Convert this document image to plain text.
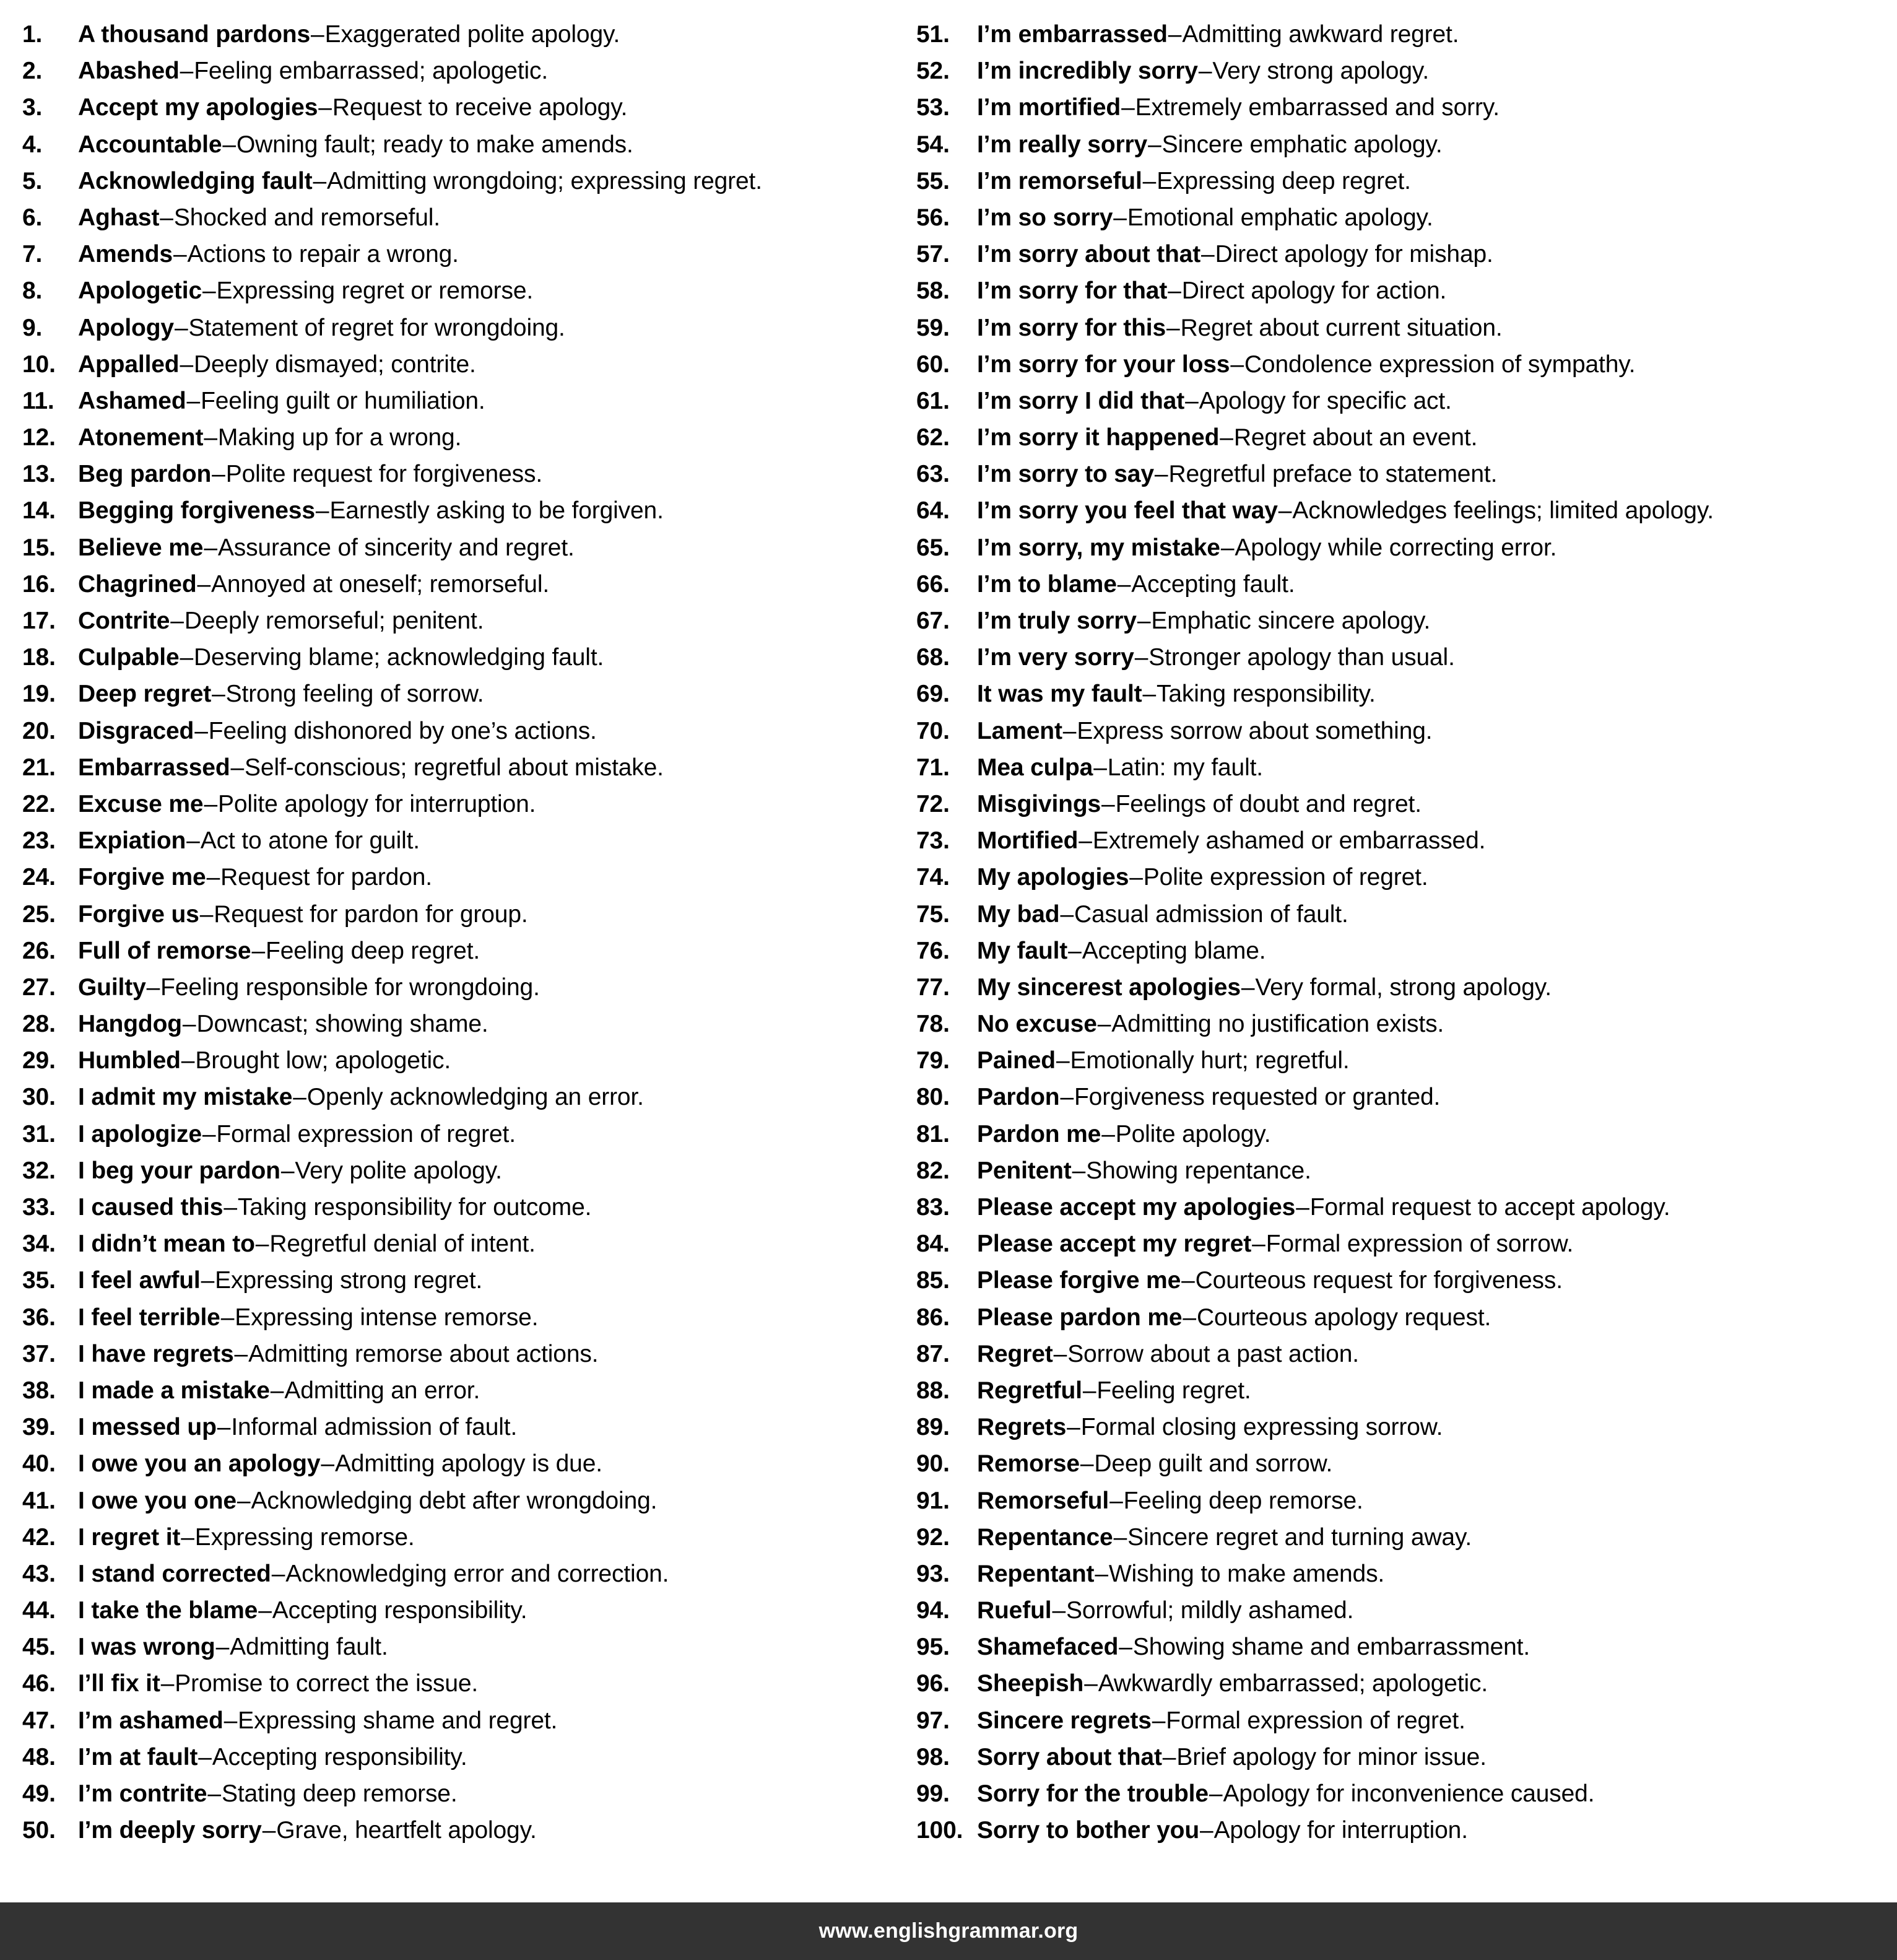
1.	A thousand pardons – Exaggerated polite apology.
2.	Abashed – Feeling embarrassed; apologetic.
3.	Accept my apologies – Request to receive apology.
4.	Accountable – Owning fault; ready to make amends.
5.	Acknowledging fault – Admitting wrongdoing; expressing regret.
6.	Aghast – Shocked and remorseful.
7.	Amends – Actions to repair a wrong.
8.	Apologetic – Expressing regret or remorse.
9.	Apology – Statement of regret for wrongdoing.
10. Appalled – Deeply dismayed; contrite.
11. Ashamed – Feeling guilt or humiliation.
12. Atonement – Making up for a wrong.
13. Beg pardon – Polite request for forgiveness.
14. Begging forgiveness – Earnestly asking to be forgiven.
15. Believe me – Assurance of sincerity and regret.
16. Chagrined – Annoyed at oneself; remorseful.
17. Contrite – Deeply remorseful; penitent.
18. Culpable – Deserving blame; acknowledging fault.
19. Deep regret – Strong feeling of sorrow.
20. Disgraced – Feeling dishonored by one’s actions.
21. Embarrassed – Self-conscious; regretful about mistake.
22. Excuse me – Polite apology for interruption.
23. Expiation – Act to atone for guilt.
24. Forgive me – Request for pardon.
25. Forgive us – Request for pardon for group.
26. Full of remorse – Feeling deep regret.
27. Guilty – Feeling responsible for wrongdoing.
28. Hangdog – Downcast; showing shame.
29. Humbled – Brought low; apologetic.
30. I admit my mistake – Openly acknowledging an error.
31. I apologize – Formal expression of regret.
32. I beg your pardon – Very polite apology.
33. I caused this – Taking responsibility for outcome.
34. I didn’t mean to – Regretful denial of intent.
35. I feel awful – Expressing strong regret.
36. I feel terrible – Expressing intense remorse.
37. I have regrets – Admitting remorse about actions.
38. I made a mistake – Admitting an error.
39. I messed up – Informal admission of fault.
40. I owe you an apology – Admitting apology is due.
41. I owe you one – Acknowledging debt after wrongdoing.
42. I regret it – Expressing remorse.
43. I stand corrected – Acknowledging error and correction.
44. I take the blame – Accepting responsibility.
45. I was wrong – Admitting fault.
46. I’ll fix it – Promise to correct the issue.
47. I’m ashamed – Expressing shame and regret.
48. I’m at fault – Accepting responsibility.
49. I’m contrite – Stating deep remorse.
50. I’m deeply sorry – Grave, heartfelt apology.
51.	I’m embarrassed – Admitting awkward regret.
52.	I’m incredibly sorry – Very strong apology.
53.	I’m mortified – Extremely embarrassed and sorry.
54.	I’m really sorry – Sincere emphatic apology.
55.	I’m remorseful – Expressing deep regret.
56.	I’m so sorry – Emotional emphatic apology.
57.	I’m sorry about that – Direct apology for mishap.
58.	I’m sorry for that – Direct apology for action.
59.	I’m sorry for this – Regret about current situation.
60.	I’m sorry for your loss – Condolence expression of sympathy.
61.	I’m sorry I did that – Apology for specific act.
62.	I’m sorry it happened – Regret about an event.
63.	I’m sorry to say – Regretful preface to statement.
64.	I’m sorry you feel that way – Acknowledges feelings; limited apology.
65.	I’m sorry, my mistake – Apology while correcting error.
66.	I’m to blame – Accepting fault.
67.	I’m truly sorry – Emphatic sincere apology.
68.	I’m very sorry – Stronger apology than usual.
69.	It was my fault – Taking responsibility.
70.	Lament – Express sorrow about something.
71.	Mea culpa – Latin: my fault.
72.	Misgivings – Feelings of doubt and regret.
73.	Mortified – Extremely ashamed or embarrassed.
74.	My apologies – Polite expression of regret.
75.	My bad – Casual admission of fault.
76.	My fault – Accepting blame.
77.	My sincerest apologies – Very formal, strong apology.
78.	No excuse – Admitting no justification exists.
79.	Pained – Emotionally hurt; regretful.
80.	Pardon – Forgiveness requested or granted.
81.	Pardon me – Polite apology.
82.	Penitent – Showing repentance.
83.	Please accept my apologies – Formal request to accept apology.
84.	Please accept my regret – Formal expression of sorrow.
85.	Please forgive me – Courteous request for forgiveness.
86.	Please pardon me – Courteous apology request.
87.	Regret – Sorrow about a past action.
88.	Regretful – Feeling regret.
89.	Regrets – Formal closing expressing sorrow.
90.	Remorse – Deep guilt and sorrow.
91.	Remorseful – Feeling deep remorse.
92.	Repentance – Sincere regret and turning away.
93.	Repentant – Wishing to make amends.
94.	Rueful – Sorrowful; mildly ashamed.
95.	Shamefaced – Showing shame and embarrassment.
96.	Sheepish – Awkwardly embarrassed; apologetic.
97.	Sincere regrets – Formal expression of regret.
98.	Sorry about that – Brief apology for minor issue.
99.	Sorry for the trouble – Apology for inconvenience caused.
100. Sorry to bother you – Apology for interruption.
www.englishgrammar.org
